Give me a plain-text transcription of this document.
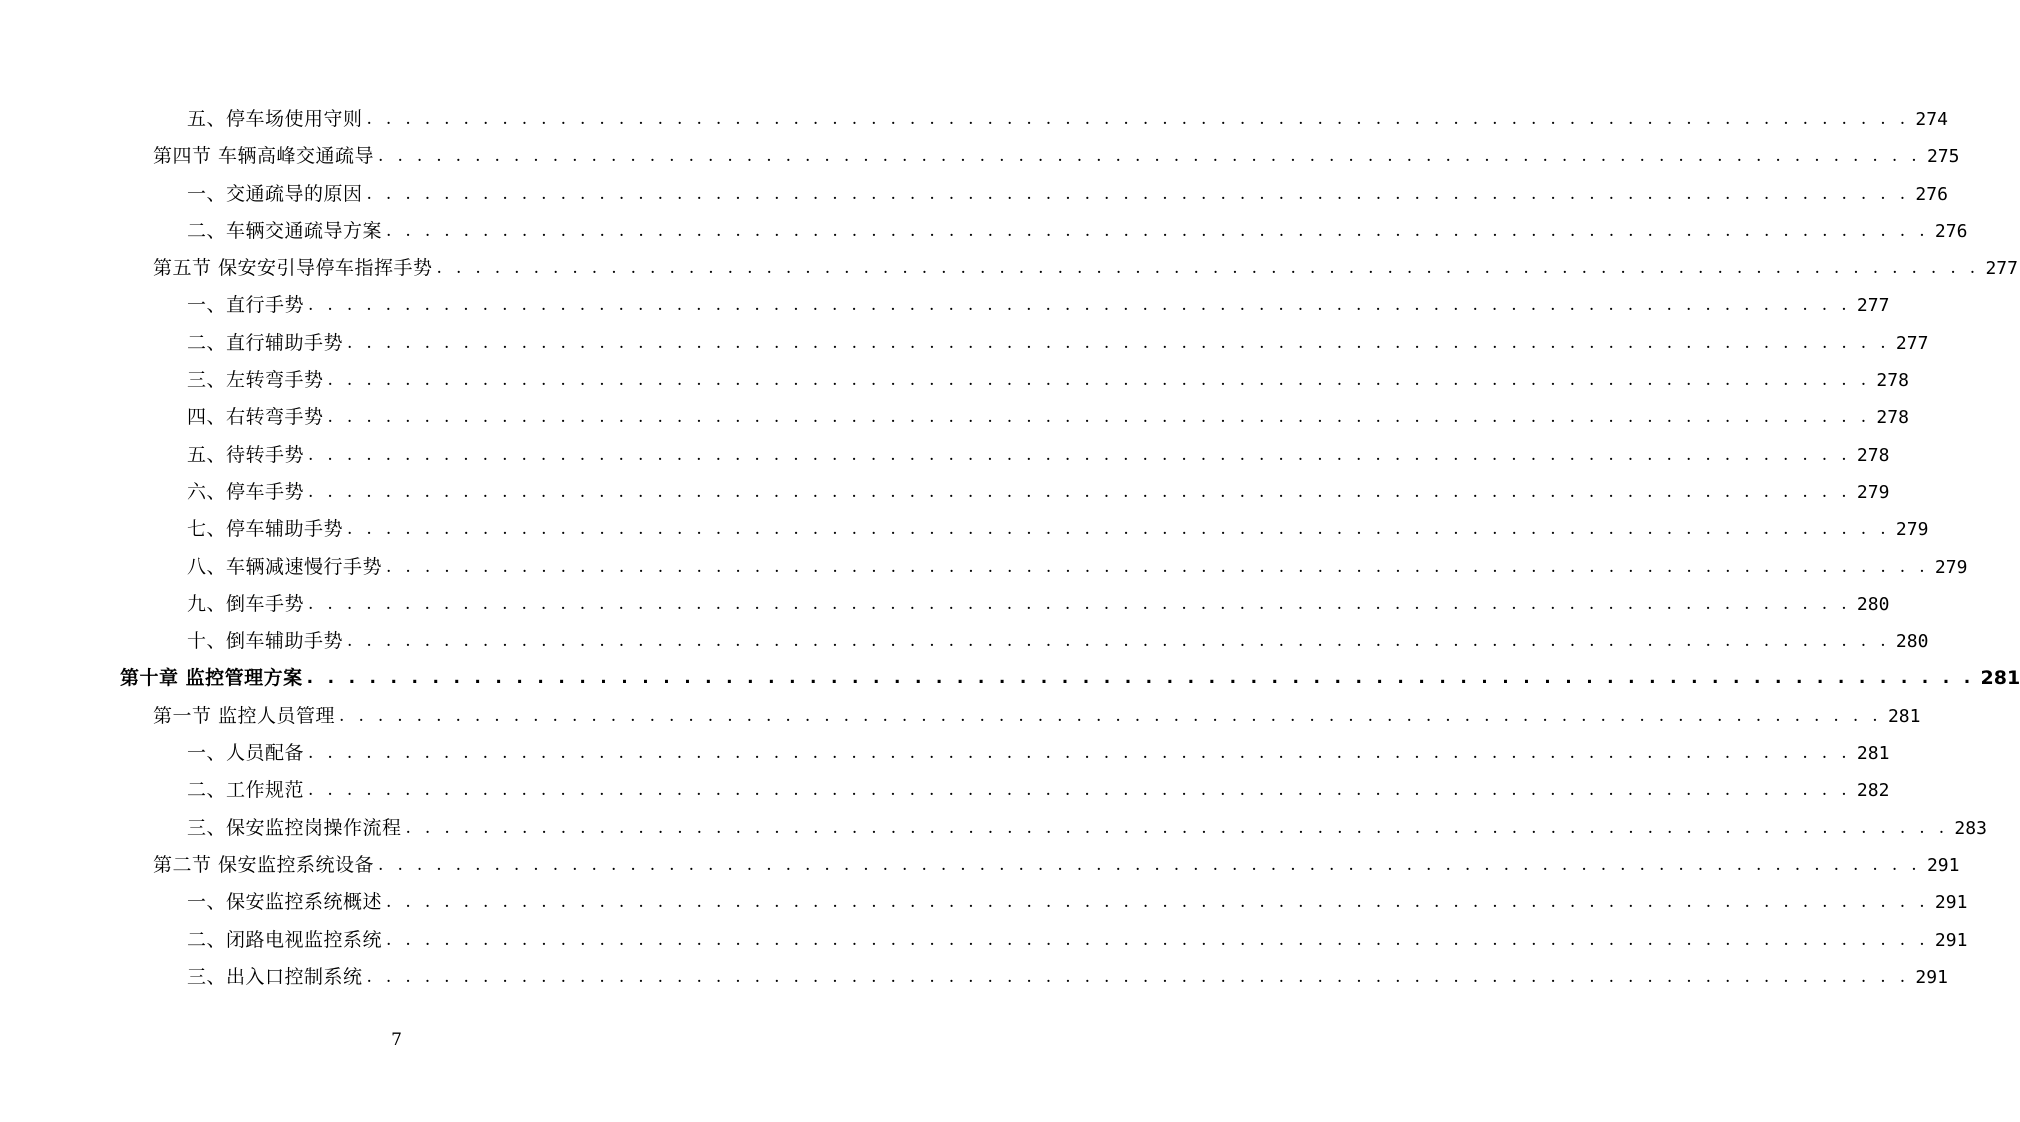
五、停车场使用守则 . . . . . . . . . . . . . . . . . . . . . . . . . . . . . . . . . . . . . . . . . . . . . . . . . . . . . . . . . . . . . . . . . . . . . . . . . . . . . . . . 274
第四节 车辆高峰交通疏导 . . . . . . . . . . . . . . . . . . . . . . . . . . . . . . . . . . . . . . . . . . . . . . . . . . . . . . . . . . . . . . . . . . . . . . . . . . . . . . . . 275
一、交通疏导的原因 . . . . . . . . . . . . . . . . . . . . . . . . . . . . . . . . . . . . . . . . . . . . . . . . . . . . . . . . . . . . . . . . . . . . . . . . . . . . . . . . 276
二、车辆交通疏导方案 . . . . . . . . . . . . . . . . . . . . . . . . . . . . . . . . . . . . . . . . . . . . . . . . . . . . . . . . . . . . . . . . . . . . . . . . . . . . . . . . 276
第五节 保安安引导停车指挥手势 . . . . . . . . . . . . . . . . . . . . . . . . . . . . . . . . . . . . . . . . . . . . . . . . . . . . . . . . . . . . . . . . . . . . . . . . . . . . . . . . 277
一、直行手势 . . . . . . . . . . . . . . . . . . . . . . . . . . . . . . . . . . . . . . . . . . . . . . . . . . . . . . . . . . . . . . . . . . . . . . . . . . . . . . . . 277
二、直行辅助手势 . . . . . . . . . . . . . . . . . . . . . . . . . . . . . . . . . . . . . . . . . . . . . . . . . . . . . . . . . . . . . . . . . . . . . . . . . . . . . . . . 277
三、左转弯手势 . . . . . . . . . . . . . . . . . . . . . . . . . . . . . . . . . . . . . . . . . . . . . . . . . . . . . . . . . . . . . . . . . . . . . . . . . . . . . . . . 278
四、右转弯手势 . . . . . . . . . . . . . . . . . . . . . . . . . . . . . . . . . . . . . . . . . . . . . . . . . . . . . . . . . . . . . . . . . . . . . . . . . . . . . . . . 278
五、待转手势 . . . . . . . . . . . . . . . . . . . . . . . . . . . . . . . . . . . . . . . . . . . . . . . . . . . . . . . . . . . . . . . . . . . . . . . . . . . . . . . . 278
六、停车手势 . . . . . . . . . . . . . . . . . . . . . . . . . . . . . . . . . . . . . . . . . . . . . . . . . . . . . . . . . . . . . . . . . . . . . . . . . . . . . . . . 279
七、停车辅助手势 . . . . . . . . . . . . . . . . . . . . . . . . . . . . . . . . . . . . . . . . . . . . . . . . . . . . . . . . . . . . . . . . . . . . . . . . . . . . . . . . 279
八、车辆减速慢行手势 . . . . . . . . . . . . . . . . . . . . . . . . . . . . . . . . . . . . . . . . . . . . . . . . . . . . . . . . . . . . . . . . . . . . . . . . . . . . . . . . 279
九、倒车手势 . . . . . . . . . . . . . . . . . . . . . . . . . . . . . . . . . . . . . . . . . . . . . . . . . . . . . . . . . . . . . . . . . . . . . . . . . . . . . . . . 280
十、倒车辅助手势 . . . . . . . . . . . . . . . . . . . . . . . . . . . . . . . . . . . . . . . . . . . . . . . . . . . . . . . . . . . . . . . . . . . . . . . . . . . . . . . . 280
第十章 监控管理方案 . . . . . . . . . . . . . . . . . . . . . . . . . . . . . . . . . . . . . . . . . . . . . . . . . . . . . . . . . . . . . . . . . . . . . . . . . . . . . . . . 281
第一节 监控人员管理 . . . . . . . . . . . . . . . . . . . . . . . . . . . . . . . . . . . . . . . . . . . . . . . . . . . . . . . . . . . . . . . . . . . . . . . . . . . . . . . . 281
一、人员配备 . . . . . . . . . . . . . . . . . . . . . . . . . . . . . . . . . . . . . . . . . . . . . . . . . . . . . . . . . . . . . . . . . . . . . . . . . . . . . . . . 281
二、工作规范 . . . . . . . . . . . . . . . . . . . . . . . . . . . . . . . . . . . . . . . . . . . . . . . . . . . . . . . . . . . . . . . . . . . . . . . . . . . . . . . . 282
三、保安监控岗操作流程 . . . . . . . . . . . . . . . . . . . . . . . . . . . . . . . . . . . . . . . . . . . . . . . . . . . . . . . . . . . . . . . . . . . . . . . . . . . . . . . . 283
第二节 保安监控系统设备 . . . . . . . . . . . . . . . . . . . . . . . . . . . . . . . . . . . . . . . . . . . . . . . . . . . . . . . . . . . . . . . . . . . . . . . . . . . . . . . . 291
一、保安监控系统概述 . . . . . . . . . . . . . . . . . . . . . . . . . . . . . . . . . . . . . . . . . . . . . . . . . . . . . . . . . . . . . . . . . . . . . . . . . . . . . . . . 291
二、闭路电视监控系统 . . . . . . . . . . . . . . . . . . . . . . . . . . . . . . . . . . . . . . . . . . . . . . . . . . . . . . . . . . . . . . . . . . . . . . . . . . . . . . . . 291
三、出入口控制系统 . . . . . . . . . . . . . . . . . . . . . . . . . . . . . . . . . . . . . . . . . . . . . . . . . . . . . . . . . . . . . . . . . . . . . . . . . . . . . . . . 291
7
